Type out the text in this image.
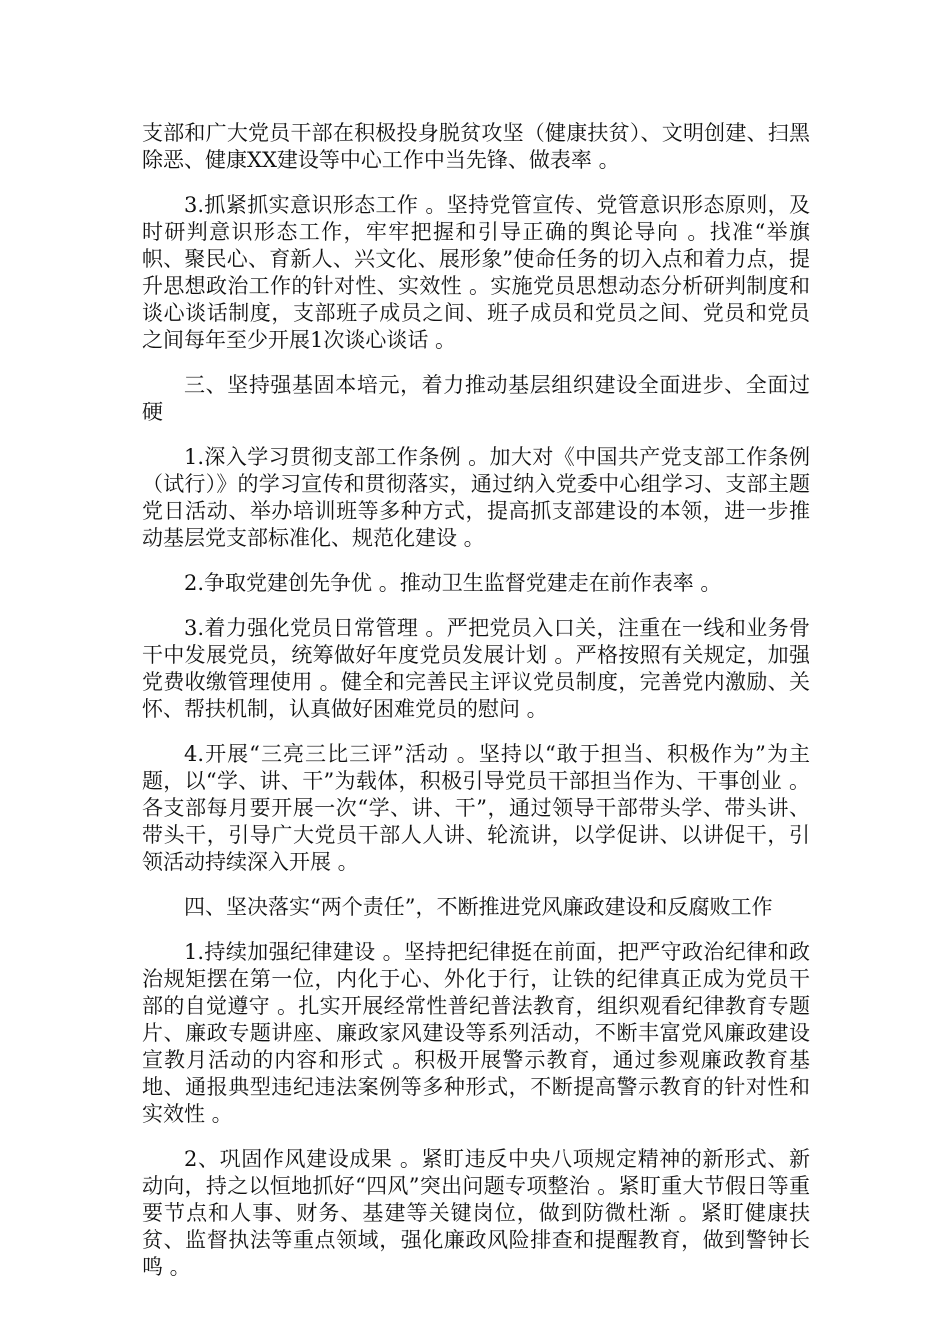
支部和广大党员干部在积极投身脱贫攻坚（健康扶贫）、文明创建、扫黑除恶、健康XX建设等中心工作中当先锋、做表率 。

3.抓紧抓实意识形态工作 。坚持党管宣传、党管意识形态原则，及时研判意识形态工作，牢牢把握和引导正确的舆论导向 。找准“举旗帜、聚民心、育新人、兴文化、展形象”使命任务的切入点和着力点，提升思想政治工作的针对性、实效性 。实施党员思想动态分析研判制度和谈心谈话制度，支部班子成员之间、班子成员和党员之间、党员和党员之间每年至少开展1次谈心谈话 。

三、坚持强基固本培元，着力推动基层组织建设全面进步、全面过硬

1.深入学习贯彻支部工作条例 。加大对《中国共产党支部工作条例（试行）》的学习宣传和贯彻落实，通过纳入党委中心组学习、支部主题党日活动、举办培训班等多种方式，提高抓支部建设的本领，进一步推动基层党支部标准化、规范化建设 。

2.争取党建创先争优 。推动卫生监督党建走在前作表率 。

3.着力强化党员日常管理 。严把党员入口关，注重在一线和业务骨干中发展党员，统筹做好年度党员发展计划 。严格按照有关规定，加强党费收缴管理使用 。健全和完善民主评议党员制度，完善党内激励、关怀、帮扶机制，认真做好困难党员的慰问 。

4.开展“三亮三比三评”活动 。坚持以“敢于担当、积极作为”为主题，以“学、讲、干”为载体，积极引导党员干部担当作为、干事创业 。各支部每月要开展一次“学、讲、干”，通过领导干部带头学、带头讲、带头干，引导广大党员干部人人讲、轮流讲，以学促讲、以讲促干，引领活动持续深入开展 。

四、坚决落实“两个责任”，不断推进党风廉政建设和反腐败工作

1.持续加强纪律建设 。坚持把纪律挺在前面，把严守政治纪律和政治规矩摆在第一位，内化于心、外化于行，让铁的纪律真正成为党员干部的自觉遵守 。扎实开展经常性普纪普法教育，组织观看纪律教育专题片、廉政专题讲座、廉政家风建设等系列活动，不断丰富党风廉政建设宣教月活动的内容和形式 。积极开展警示教育，通过参观廉政教育基地、通报典型违纪违法案例等多种形式，不断提高警示教育的针对性和实效性 。

2、巩固作风建设成果 。紧盯违反中央八项规定精神的新形式、新动向，持之以恒地抓好“四风”突出问题专项整治 。紧盯重大节假日等重要节点和人事、财务、基建等关键岗位，做到防微杜渐 。紧盯健康扶贫、监督执法等重点领域，强化廉政风险排查和提醒教育，做到警钟长鸣 。
